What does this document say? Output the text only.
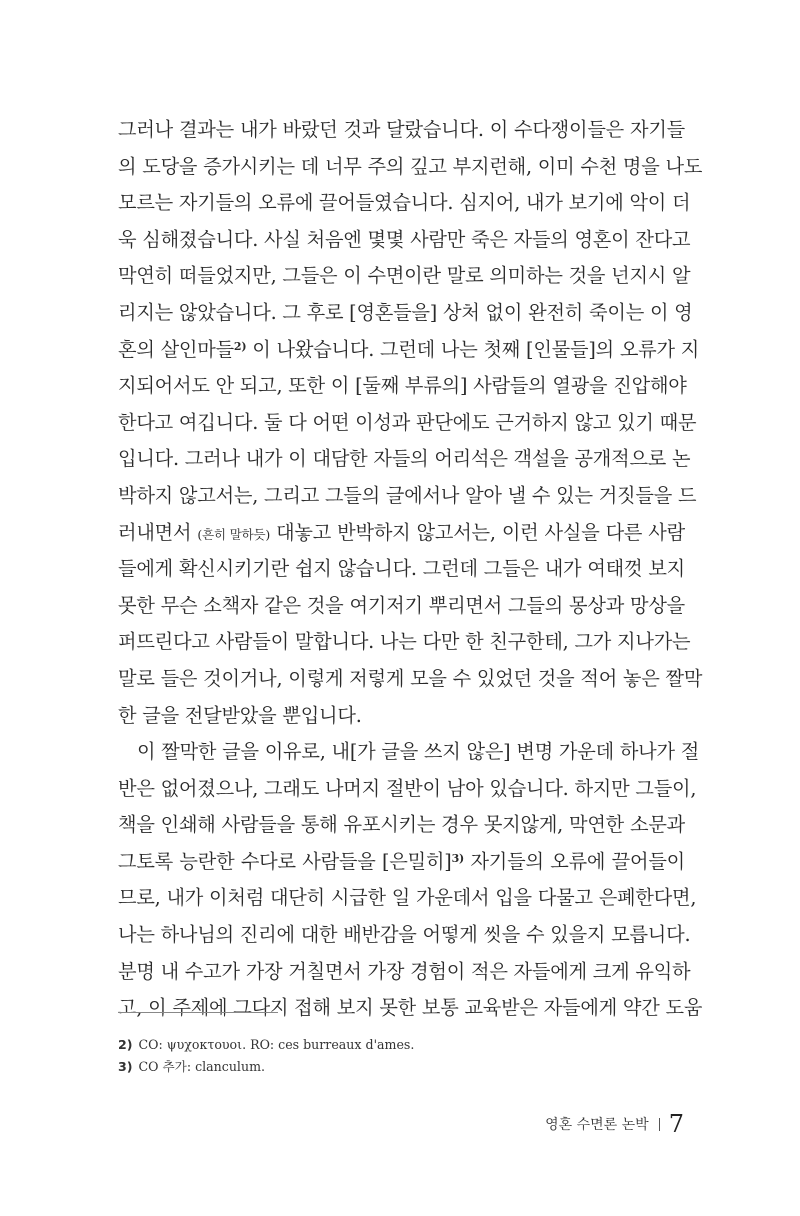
그러나 결과는 내가 바랐던 것과 달랐습니다. 이 수다쟁이들은 자기들
의 도당을 증가시키는 데 너무 주의 깊고 부지런해, 이미 수천 명을 나도
모르는 자기들의 오류에 끌어들였습니다. 심지어, 내가 보기에 악이 더
욱 심해졌습니다. 사실 처음엔 몇몇 사람만 죽은 자들의 영혼이 잔다고
막연히 떠들었지만, 그들은 이 수면이란 말로 의미하는 것을 넌지시 알
리지는 않았습니다. 그 후로 [영혼들을] 상처 없이 완전히 죽이는 이 영
혼의 살인마들$^{2)}$ 이 나왔습니다. 그런데 나는 첫째 [인물들]의 오류가 지
지되어서도 안 되고, 또한 이 [둘째 부류의] 사람들의 열광을 진압해야
한다고 여깁니다. 둘 다 어떤 이성과 판단에도 근거하지 않고 있기 때문
입니다. 그러나 내가 이 대담한 자들의 어리석은 객설을 공개적으로 논
박하지 않고서는, 그리고 그들의 글에서나 알아 낼 수 있는 거짓들을 드
러내면서 (흔히 말하듯) 대놓고 반박하지 않고서는, 이런 사실을 다른 사람
들에게 확신시키기란 쉽지 않습니다. 그런데 그들은 내가 여태껏 보지
못한 무슨 소책자 같은 것을 여기저기 뿌리면서 그들의 몽상과 망상을
퍼뜨린다고 사람들이 말합니다. 나는 다만 한 친구한테, 그가 지나가는
말로 들은 것이거나, 이렇게 저렇게 모을 수 있었던 것을 적어 놓은 짤막
한 글을 전달받았을 뿐입니다.
이 짤막한 글을 이유로, 내[가 글을 쓰지 않은] 변명 가운데 하나가 절
반은 없어졌으나, 그래도 나머지 절반이 남아 있습니다. 하지만 그들이,
책을 인쇄해 사람들을 통해 유포시키는 경우 못지않게, 막연한 소문과
그토록 능란한 수다로 사람들을 [은밀히]$^{3)}$ 자기들의 오류에 끌어들이
므로, 내가 이처럼 대단히 시급한 일 가운데서 입을 다물고 은폐한다면,
나는 하나님의 진리에 대한 배반감을 어떻게 씻을 수 있을지 모릅니다.
분명 내 수고가 가장 거칠면서 가장 경험이 적은 자들에게 크게 유익하
고, 이 주제에 그다지 접해 보지 못한 보통 교육받은 자들에게 약간 도움
2) CO: ψυχοκτουοι. RO: ces burreaux d'ames.
3) CO 추가: clanculum.
영혼 수면론 논박 7
